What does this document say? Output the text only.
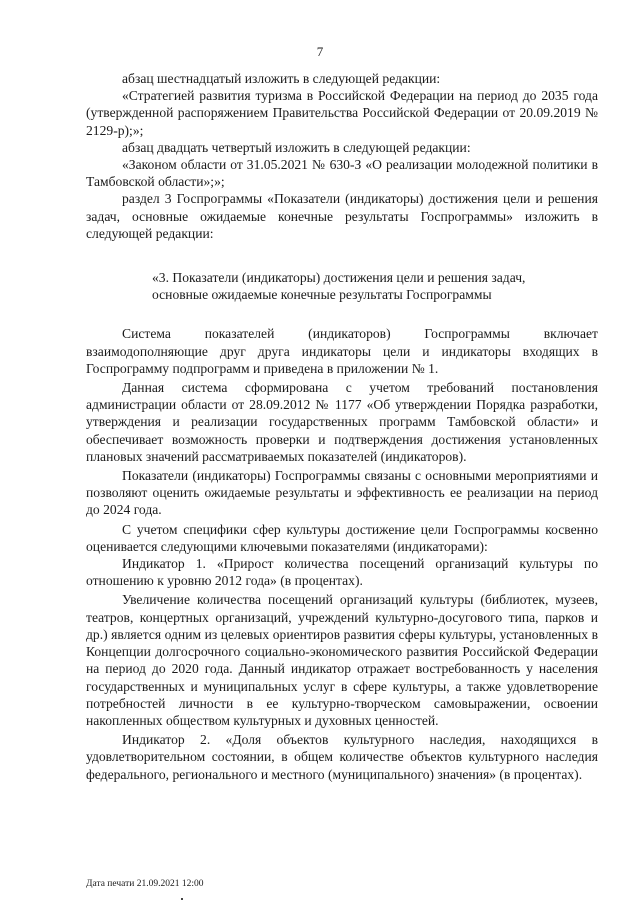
7

абзац шестнадцатый изложить в следующей редакции:

«Стратегией развития туризма в Российской Федерации на период до 2035 года (утвержденной распоряжением Правительства Российской Федерации от 20.09.2019 № 2129-р);»;

абзац двадцать четвертый изложить в следующей редакции:

«Законом области от 31.05.2021 № 630-З «О реализации молодежной политики в Тамбовской области»;»;

раздел 3 Госпрограммы «Показатели (индикаторы) достижения цели и решения задач, основные ожидаемые конечные результаты Госпрограммы» изложить в следующей редакции:

«3. Показатели (индикаторы) достижения цели и решения задач, основные ожидаемые конечные результаты Госпрограммы

Система показателей (индикаторов) Госпрограммы включает взаимодополняющие друг друга индикаторы цели и индикаторы входящих в Госпрограмму подпрограмм и приведена в приложении № 1.

Данная система сформирована с учетом требований постановления администрации области от 28.09.2012 № 1177 «Об утверждении Порядка разработки, утверждения и реализации государственных программ Тамбовской области» и обеспечивает возможность проверки и подтверждения достижения установленных плановых значений рассматриваемых показателей (индикаторов).

Показатели (индикаторы) Госпрограммы связаны с основными мероприятиями и позволяют оценить ожидаемые результаты и эффективность ее реализации на период до 2024 года.

С учетом специфики сфер культуры достижение цели Госпрограммы косвенно оценивается следующими ключевыми показателями (индикаторами):

Индикатор 1. «Прирост количества посещений организаций культуры по отношению к уровню 2012 года» (в процентах).

Увеличение количества посещений организаций культуры (библиотек, музеев, театров, концертных организаций, учреждений культурно-досугового типа, парков и др.) является одним из целевых ориентиров развития сферы культуры, установленных в Концепции долгосрочного социально-экономического развития Российской Федерации на период до 2020 года. Данный индикатор отражает востребованность у населения государственных и муниципальных услуг в сфере культуры, а также удовлетворение потребностей личности в ее культурно-творческом самовыражении, освоении накопленных обществом культурных и духовных ценностей.

Индикатор 2. «Доля объектов культурного наследия, находящихся в удовлетворительном состоянии, в общем количестве объектов культурного наследия федерального, регионального и местного (муниципального) значения» (в процентах).

Дата печати 21.09.2021 12:00
